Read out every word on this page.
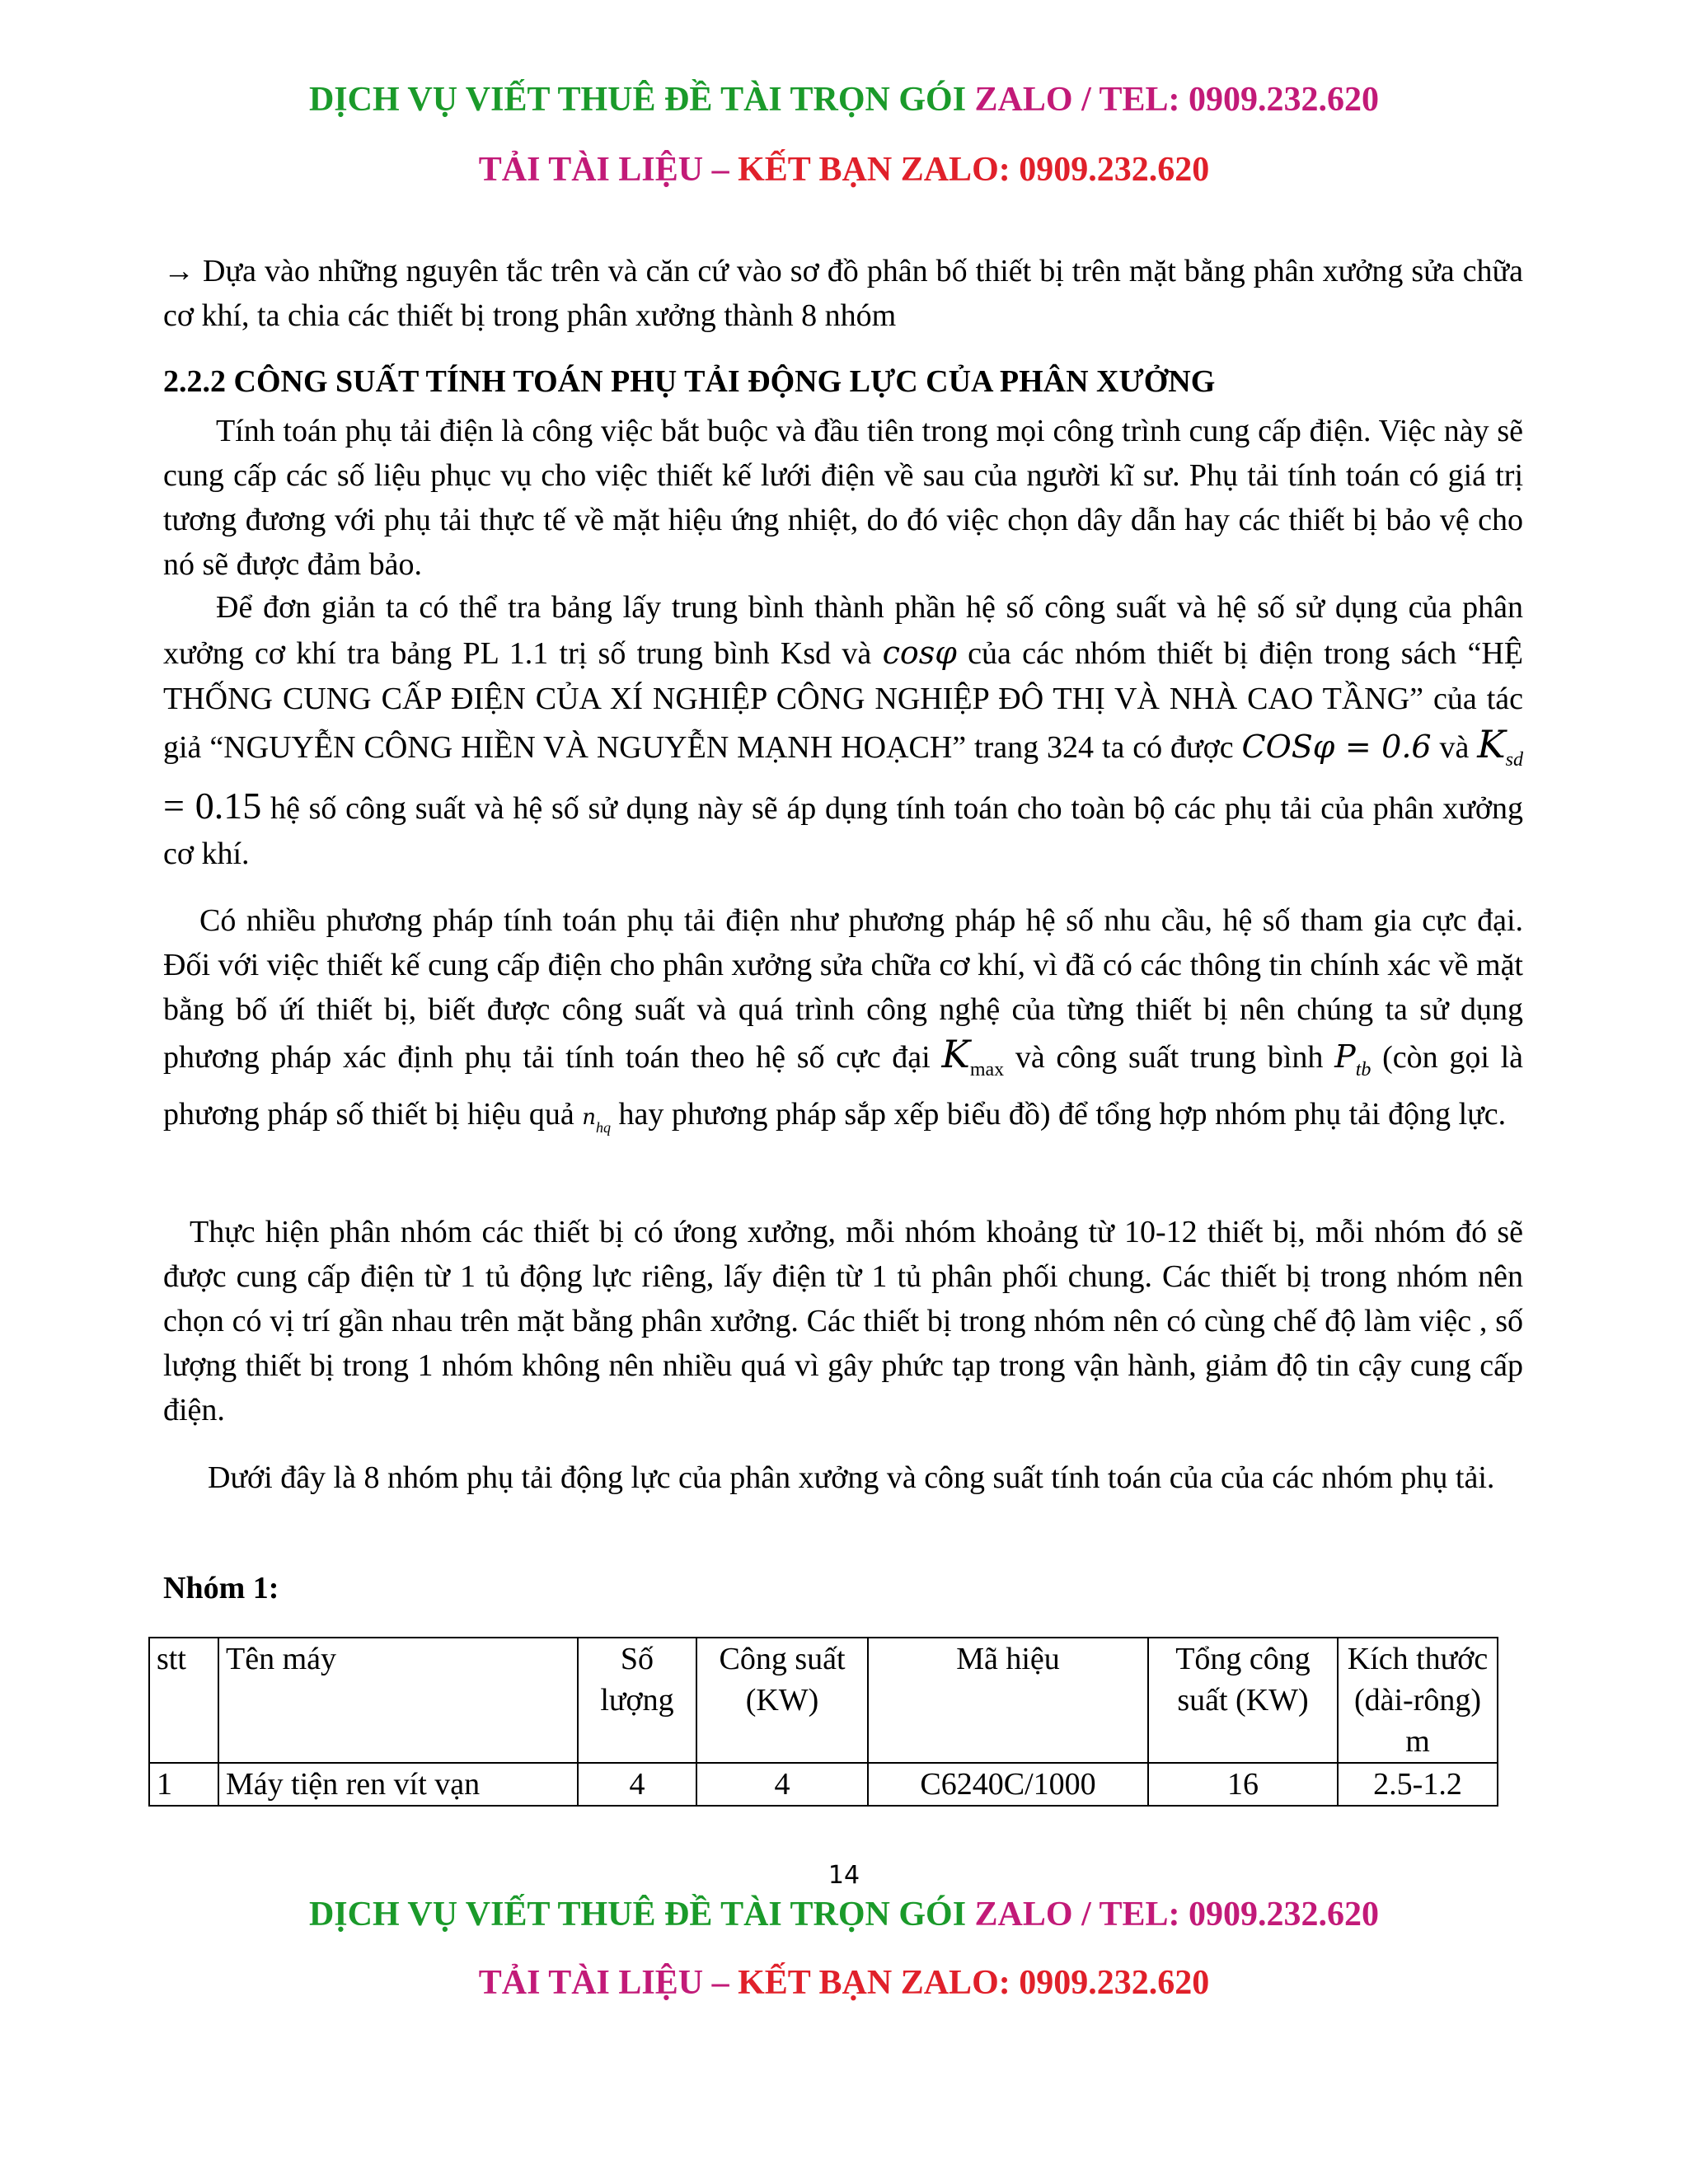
DỊCH VỤ VIẾT THUÊ ĐỀ TÀI TRỌN GÓI ZALO / TEL: 0909.232.620
TẢI TÀI LIỆU – KẾT BẠN ZALO: 0909.232.620
→ Dựa vào những nguyên tắc trên và căn cứ vào sơ đồ phân bố thiết bị trên mặt bằng phân xưởng sửa chữa cơ khí, ta chia các thiết bị trong phân xưởng thành 8 nhóm
2.2.2 CÔNG SUẤT TÍNH TOÁN PHỤ TẢI ĐỘNG LỰC CỦA PHÂN XƯỞNG
Tính toán phụ tải điện là công việc bắt buộc và đầu tiên trong mọi công trình cung cấp điện. Việc này sẽ cung cấp các số liệu phục vụ cho việc thiết kế lưới điện về sau của người kĩ sư. Phụ tải tính toán có giá trị tương đương với phụ tải thực tế về mặt hiệu ứng nhiệt, do đó việc chọn dây dẫn hay các thiết bị bảo vệ cho nó sẽ được đảm bảo.
Để đơn giản ta có thể tra bảng lấy trung bình thành phần hệ số công suất và hệ số sử dụng của phân xưởng cơ khí tra bảng PL 1.1 trị số trung bình Ksd và cosφ của các nhóm thiết bị điện trong sách “HỆ THỐNG CUNG CẤP ĐIỆN CỦA XÍ NGHIỆP CÔNG NGHIỆP ĐÔ THỊ VÀ NHÀ CAO TẦNG” của tác giả “NGUYỄN CÔNG HIỀN VÀ NGUYỄN MẠNH HOẠCH” trang 324 ta có được COSφ = 0.6 và $K_{sd} = 0.15$ hệ số công suất và hệ số sử dụng này sẽ áp dụng tính toán cho toàn bộ các phụ tải của phân xưởng cơ khí.
Có nhiều phương pháp tính toán phụ tải điện như phương pháp hệ số nhu cầu, hệ số tham gia cực đại. Đối với việc thiết kế cung cấp điện cho phân xưởng sửa chữa cơ khí, vì đã có các thông tin chính xác về mặt bằng bố ứí thiết bị, biết được công suất và quá trình công nghệ của từng thiết bị nên chúng ta sử dụng phương pháp xác định phụ tải tính toán theo hệ số cực đại $K_{max}$ và công suất trung bình $P_{tb}$ (còn gọi là phương pháp số thiết bị hiệu quả $n_{hq}$ hay phương pháp sắp xếp biểu đồ) để tổng hợp nhóm phụ tải động lực.
Thực hiện phân nhóm các thiết bị có ứong xưởng, mỗi nhóm khoảng từ 10-12 thiết bị, mỗi nhóm đó sẽ được cung cấp điện từ 1 tủ động lực riêng, lấy điện từ 1 tủ phân phối chung. Các thiết bị trong nhóm nên chọn có vị trí gần nhau trên mặt bằng phân xưởng. Các thiết bị trong nhóm nên có cùng chế độ làm việc , số lượng thiết bị trong 1 nhóm không nên nhiều quá vì gây phức tạp trong vận hành, giảm độ tin cậy cung cấp điện.
Dưới đây là 8 nhóm phụ tải động lực của phân xưởng và công suất tính toán của của các nhóm phụ tải.
Nhóm 1:
stt	Tên máy	Số lượng	Công suất (KW)	Mã hiệu	Tổng công suất (KW)	Kích thước (dài-rông) m
1	Máy tiện ren vít vạn	4	4	C6240C/1000	16	2.5-1.2
14
DỊCH VỤ VIẾT THUÊ ĐỀ TÀI TRỌN GÓI ZALO / TEL: 0909.232.620
TẢI TÀI LIỆU – KẾT BẠN ZALO: 0909.232.620
